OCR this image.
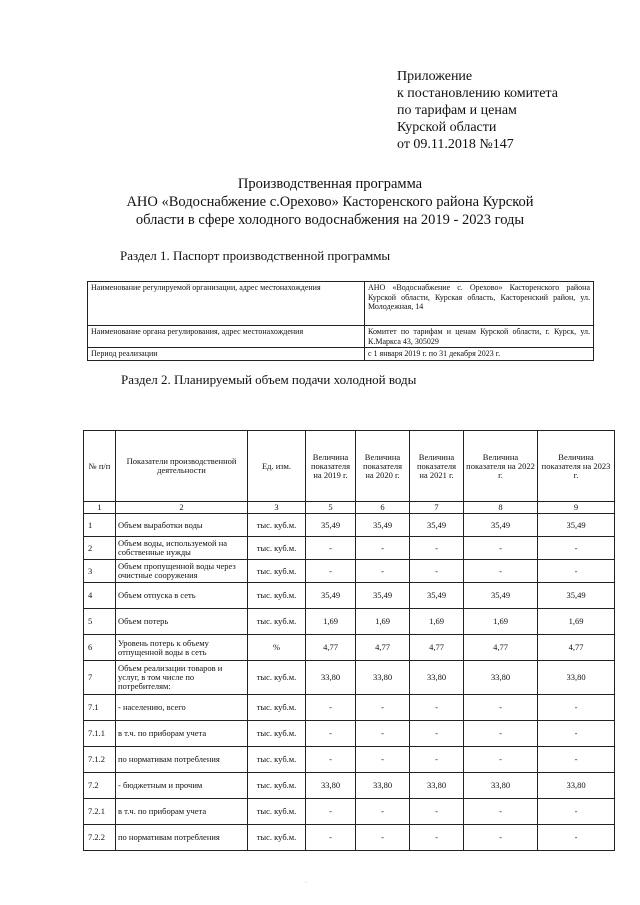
Приложение
к постановлению комитета
по тарифам и ценам
Курской области
от 09.11.2018 №147
Производственная программа
АНО «Водоснабжение с.Орехово» Касторенского района Курской
области в сфере холодного водоснабжения на 2019 - 2023 годы
Раздел 1. Паспорт производственной программы
Наименование регулируемой организации, адрес местонахождения	АНО «Водоснабжение с. Орехово» Касторенского района Курской области, Курская область, Касторенский район, ул. Молодежная, 14
Наименование органа регулирования, адрес местонахождения	Комитет по тарифам и ценам Курской области, г. Курск, ул. К.Маркса 43, 305029
Период реализации	с 1 января 2019 г. по 31 декабря 2023 г.
Раздел 2. Планируемый объем подачи холодной воды
№ п/п	Показатели производственной деятельности	Ед. изм.	Величина показателя на 2019 г.	Величина показателя на 2020 г.	Величина показателя на 2021 г.	Величина показателя на 2022 г.	Величина показателя на 2023 г.
1	2	3	5	6	7	8	9
1	Объем выработки воды	тыс. куб.м.	35,49	35,49	35,49	35,49	35,49
2	Объем воды, используемой на собственные нужды	тыс. куб.м.	-	-	-	-	-
3	Объем пропущенной воды через очистные сооружения	тыс. куб.м.	-	-	-	-	-
4	Объем отпуска в сеть	тыс. куб.м.	35,49	35,49	35,49	35,49	35,49
5	Объем потерь	тыс. куб.м.	1,69	1,69	1,69	1,69	1,69
6	Уровень потерь к объему отпущенной воды в сеть	%	4,77	4,77	4,77	4,77	4,77
7	Объем реализации товаров и услуг, в том числе по потребителям:	тыс. куб.м.	33,80	33,80	33,80	33,80	33,80
7.1	- населению, всего	тыс. куб.м.	-	-	-	-	-
7.1.1	в т.ч. по приборам учета	тыс. куб.м.	-	-	-	-	-
7.1.2	по нормативам потребления	тыс. куб.м.	-	-	-	-	-
7.2	- бюджетным и прочим	тыс. куб.м.	33,80	33,80	33,80	33,80	33,80
7.2.1	в т.ч. по приборам учета	тыс. куб.м.	-	-	-	-	-
7.2.2	по нормативам потребления	тыс. куб.м.	-	-	-	-	-
·
